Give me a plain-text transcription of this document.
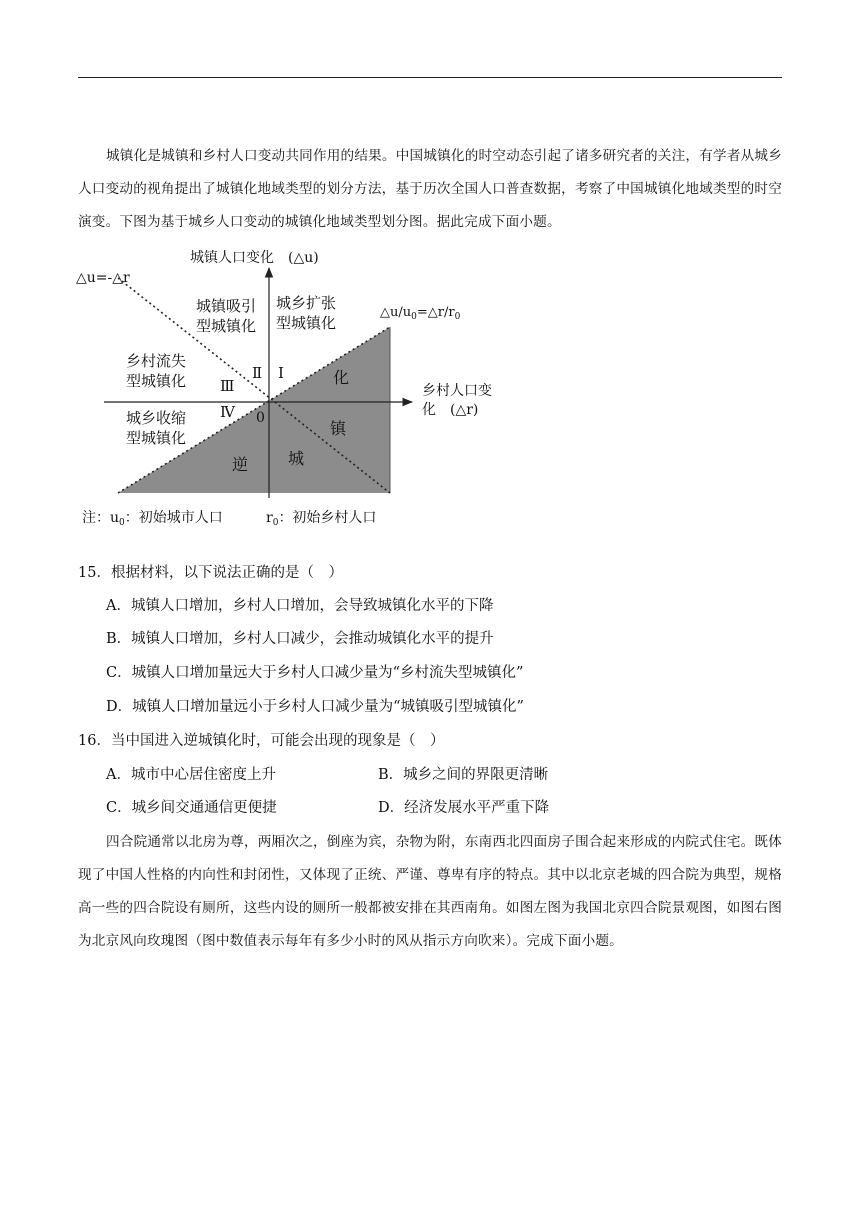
城镇化是城镇和乡村人口变动共同作用的结果。中国城镇化的时空动态引起了诸多研究者的关注，有学者从城乡人口变动的视角提出了城镇化地域类型的划分方法，基于历次全国人口普查数据，考察了中国城镇化地域类型的时空演变。下图为基于城乡人口变动的城镇化地域类型划分图。据此完成下面小题。
城镇人口变化　(△u)
乡村人口变
化　(△r)
0
△u=-△r
$\triangle u/u_0=\triangle r/r_0$
城镇吸引
型城镇化
城乡扩张
型城镇化
乡村流失
型城镇化
城乡收缩
型城镇化
Ⅰ
Ⅱ
Ⅲ
Ⅳ
化
镇
城
逆
注：$u_0$：初始城市人口	$r_0$：初始乡村人口
15．根据材料，以下说法正确的是（　）
A．城镇人口增加，乡村人口增加，会导致城镇化水平的下降
B．城镇人口增加，乡村人口减少，会推动城镇化水平的提升
C．城镇人口增加量远大于乡村人口减少量为“乡村流失型城镇化”
D．城镇人口增加量远小于乡村人口减少量为“城镇吸引型城镇化”
16．当中国进入逆城镇化时，可能会出现的现象是（　）
A．城市中心居住密度上升	B．城乡之间的界限更清晰
C．城乡间交通通信更便捷	D．经济发展水平严重下降
四合院通常以北房为尊，两厢次之，倒座为宾，杂物为附，东南西北四面房子围合起来形成的内院式住宅。既体现了中国人性格的内向性和封闭性，又体现了正统、严谨、尊卑有序的特点。其中以北京老城的四合院为典型，规格高一些的四合院设有厕所，这些内设的厕所一般都被安排在其西南角。如图左图为我国北京四合院景观图，如图右图为北京风向玫瑰图（图中数值表示每年有多少小时的风从指示方向吹来）。完成下面小题。
